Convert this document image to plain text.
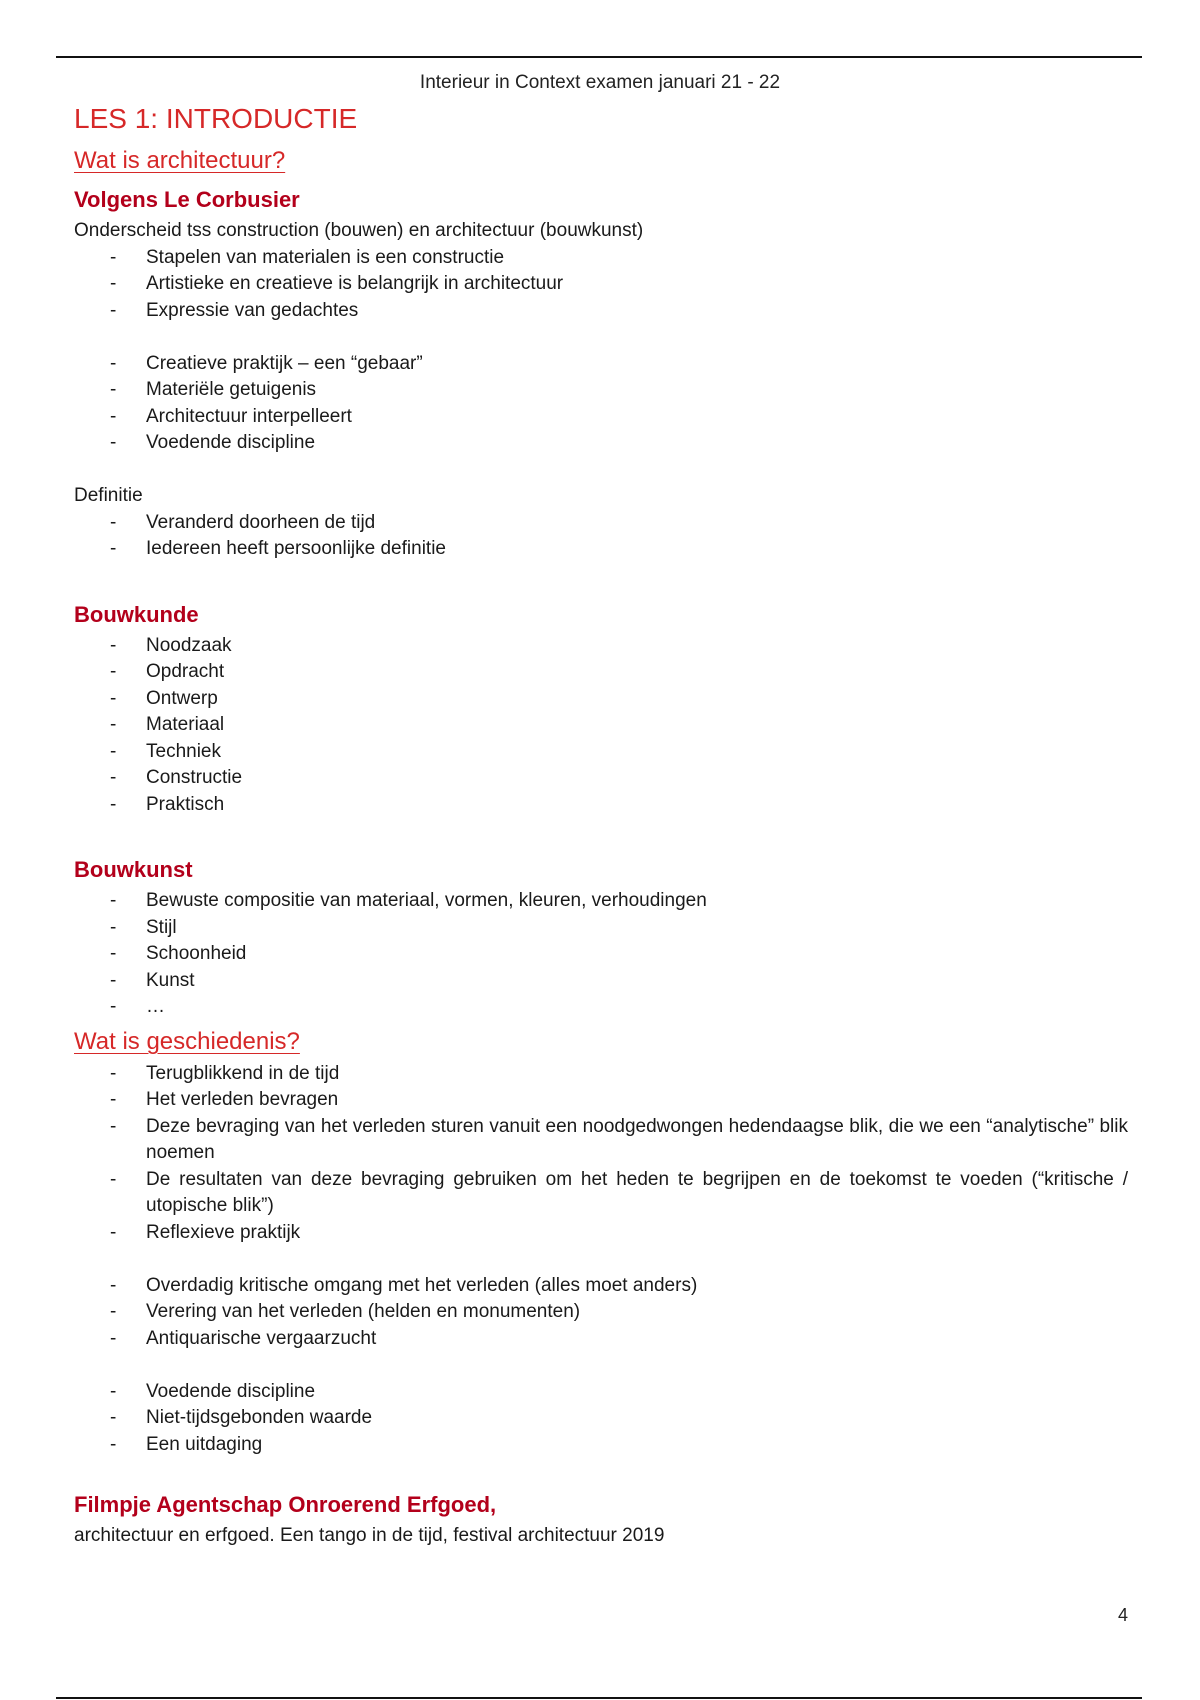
Interieur in Context examen januari 21 - 22
LES 1: INTRODUCTIE
Wat is architectuur?
Volgens Le Corbusier
Onderscheid tss construction (bouwen) en architectuur (bouwkunst)
- Stapelen van materialen is een constructie
- Artistieke en creatieve is belangrijk in architectuur
- Expressie van gedachtes
- Creatieve praktijk – een “gebaar”
- Materiële getuigenis
- Architectuur interpelleert
- Voedende discipline
Definitie
- Veranderd doorheen de tijd
- Iedereen heeft persoonlijke definitie
Bouwkunde
- Noodzaak
- Opdracht
- Ontwerp
- Materiaal
- Techniek
- Constructie
- Praktisch
Bouwkunst
- Bewuste compositie van materiaal, vormen, kleuren, verhoudingen
- Stijl
- Schoonheid
- Kunst
- …
Wat is geschiedenis?
- Terugblikkend in de tijd
- Het verleden bevragen
- Deze bevraging van het verleden sturen vanuit een noodgedwongen hedendaagse blik, die we een “analytische” blik noemen
- De resultaten van deze bevraging gebruiken om het heden te begrijpen en de toekomst te voeden (“kritische / utopische blik”)
- Reflexieve praktijk
- Overdadig kritische omgang met het verleden (alles moet anders)
- Verering van het verleden (helden en monumenten)
- Antiquarische vergaarzucht
- Voedende discipline
- Niet-tijdsgebonden waarde
- Een uitdaging
Filmpje Agentschap Onroerend Erfgoed,
architectuur en erfgoed. Een tango in de tijd, festival architectuur 2019
4
